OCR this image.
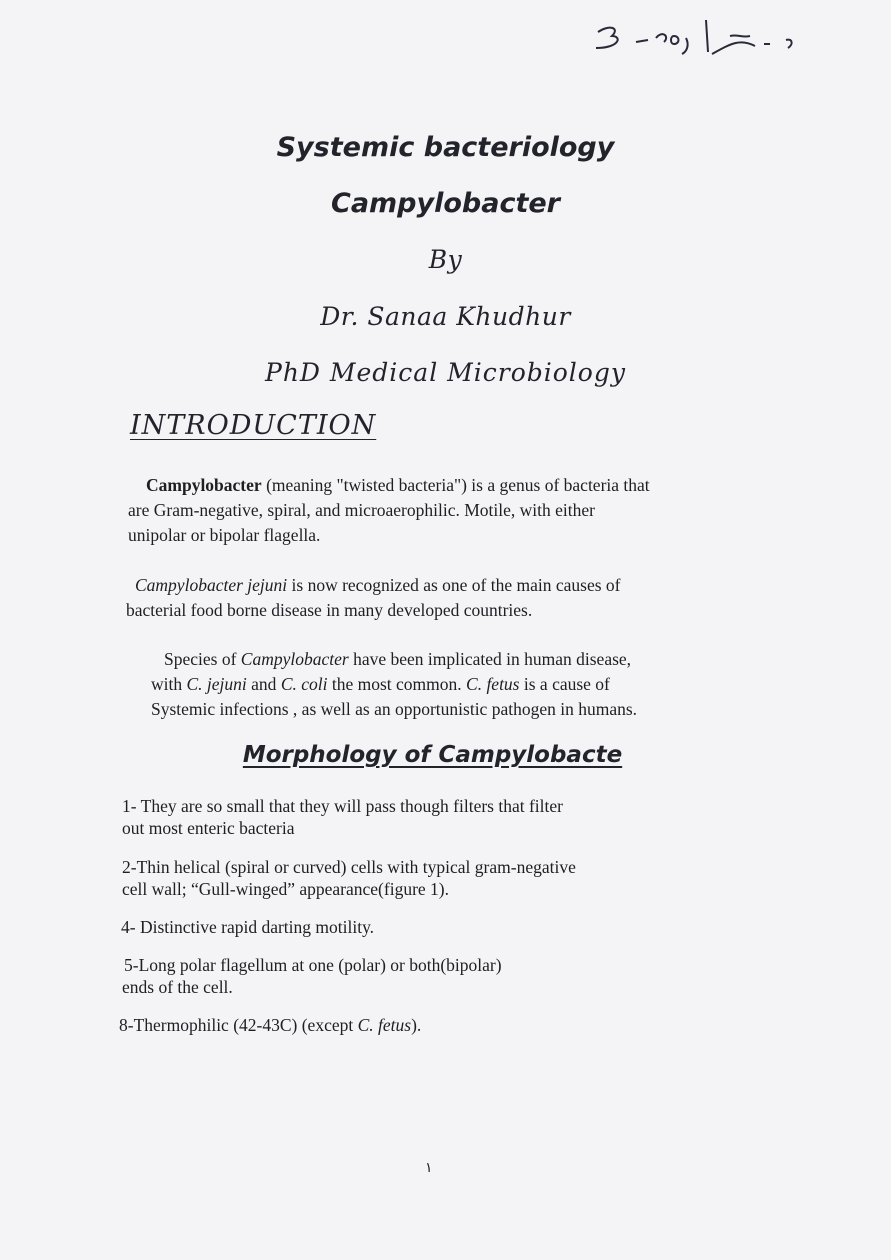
Systemic bacteriology
Campylobacter
By
Dr. Sanaa Khudhur
PhD Medical Microbiology
INTRODUCTION
Campylobacter (meaning "twisted bacteria") is a genus of bacteria that
are Gram-negative, spiral, and microaerophilic. Motile, with either
unipolar or bipolar flagella.
Campylobacter jejuni is now recognized as one of the main causes of
bacterial food borne disease in many developed countries.
Species of Campylobacter have been implicated in human disease,
with C. jejuni and C. coli the most common. C. fetus is a cause of
Systemic infections , as well as an opportunistic pathogen in humans.
Morphology of Campylobacte
1- They are so small that they will pass though filters that filter
out most enteric bacteria
2-Thin helical (spiral or curved) cells with typical gram-negative
cell wall; “Gull-winged” appearance(figure 1).
4- Distinctive rapid darting motility.
5-Long polar flagellum at one (polar) or both(bipolar)
ends of the cell.
8-Thermophilic (42-43C) (except C. fetus).
۱
